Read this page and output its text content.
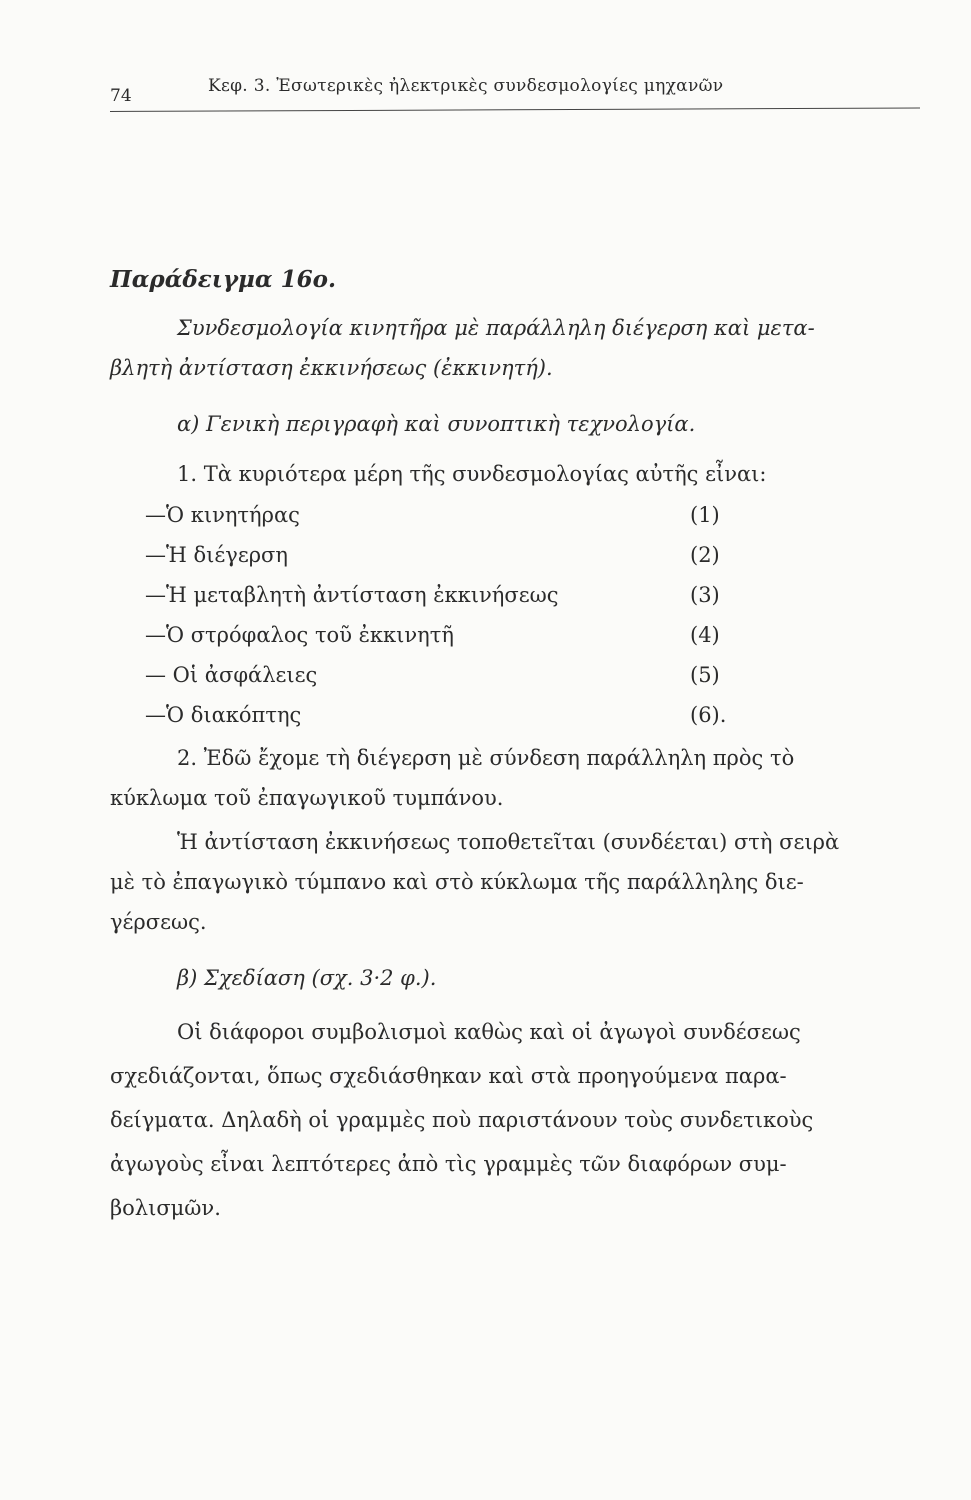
74	Κεφ. 3. Ἐσωτερικὲς ἠλεκτρικὲς συνδεσμολογίες μηχανῶν
Παράδειγμα 16ο.
Συνδεσμολογία κινητῆρα μὲ παράλληλη διέγερση καὶ μετα-
βλητὴ ἀντίσταση ἐκκινήσεως (ἐκκινητή).
α) Γενικὴ περιγραφὴ καὶ συνοπτικὴ τεχνολογία.
1. Τὰ κυριότερα μέρη τῆς συνδεσμολογίας αὐτῆς εἶναι:
—Ὁ κινητήρας	(1)
—Ἡ διέγερση	(2)
—Ἡ μεταβλητὴ ἀντίσταση ἐκκινήσεως	(3)
—Ὁ στρόφαλος τοῦ ἐκκινητῆ	(4)
— Οἱ ἀσφάλειες	(5)
—Ὁ διακόπτης	(6).
2. Ἐδῶ ἔχομε τὴ διέγερση μὲ σύνδεση παράλληλη πρὸς τὸ
κύκλωμα τοῦ ἐπαγωγικοῦ τυμπάνου.
Ἡ ἀντίσταση ἐκκινήσεως τοποθετεῖται (συνδέεται) στὴ σειρὰ
μὲ τὸ ἐπαγωγικὸ τύμπανο καὶ στὸ κύκλωμα τῆς παράλληλης διε-
γέρσεως.
β) Σχεδίαση (σχ. 3·2 φ.).
Οἱ διάφοροι συμβολισμοὶ καθὼς καὶ οἱ ἀγωγοὶ συνδέσεως
σχεδιάζονται, ὅπως σχεδιάσθηκαν καὶ στὰ προηγούμενα παρα-
δείγματα. Δηλαδὴ οἱ γραμμὲς ποὺ παριστάνουν τοὺς συνδετικοὺς
ἀγωγοὺς εἶναι λεπτότερες ἀπὸ τὶς γραμμὲς τῶν διαφόρων συμ-
βολισμῶν.
